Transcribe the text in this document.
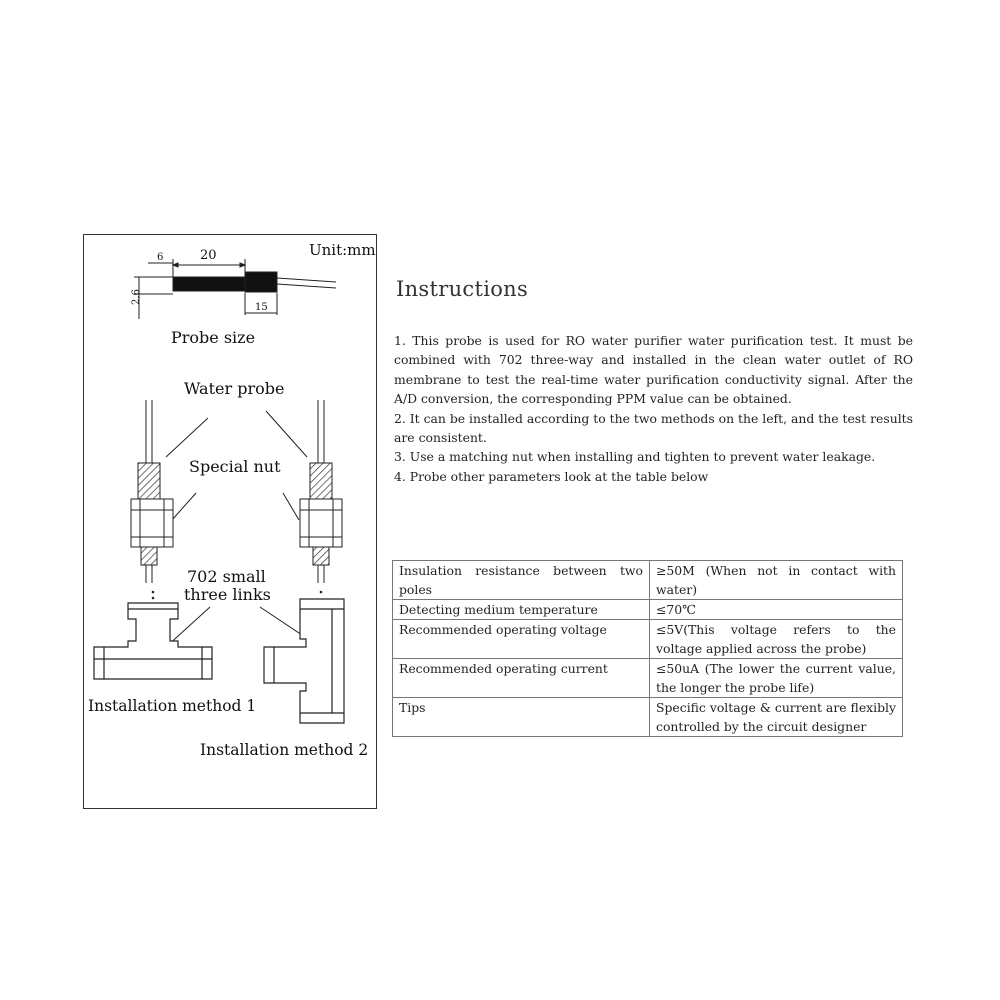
Unit:mm
6	20
15
2.6
Probe size
Water probe
Special nut
702 small
three links
Installation method 1
Installation method 2
Instructions

1. This probe is used for RO water purifier water purification test. It must be combined with 702 three-way and installed in the clean water outlet of RO membrane to test the real-time water purification conductivity signal. After the A/D conversion, the corresponding PPM value can be obtained.

2. It can be installed according to the two methods on the left, and the test results are consistent.

3. Use a matching nut when installing and tighten to prevent water leakage.

4. Probe other parameters look at the table below

Insulation resistance between two poles	≥50M (When not in contact with water)
Detecting medium temperature	≤70℃
Recommended operating voltage	≤5V(This voltage refers to the voltage applied across the probe)
Recommended operating current	≤50uA (The lower the current value, the longer the probe life)
Tips	Specific voltage & current are flexibly controlled by the circuit designer
